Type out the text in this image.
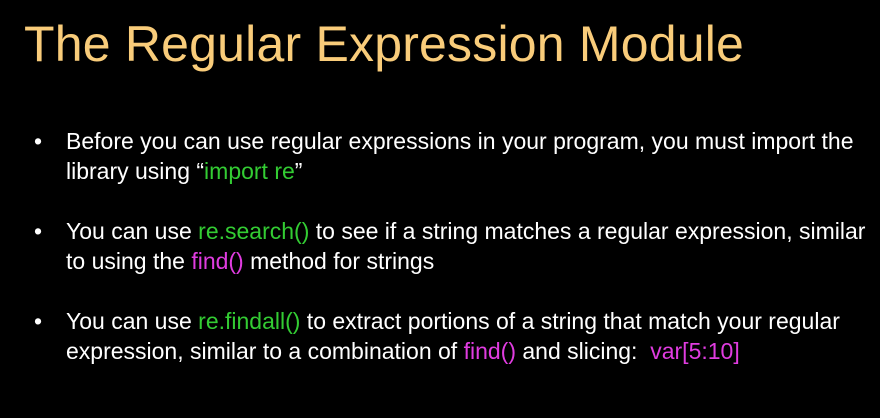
The Regular Expression Module
• Before you can use regular expressions in your program, you must import the library using “import re”
• You can use re.search() to see if a string matches a regular expression, similar to using the find() method for strings
• You can use re.findall() to extract portions of a string that match your regular expression, similar to a combination of find() and slicing:  var[5:10]
